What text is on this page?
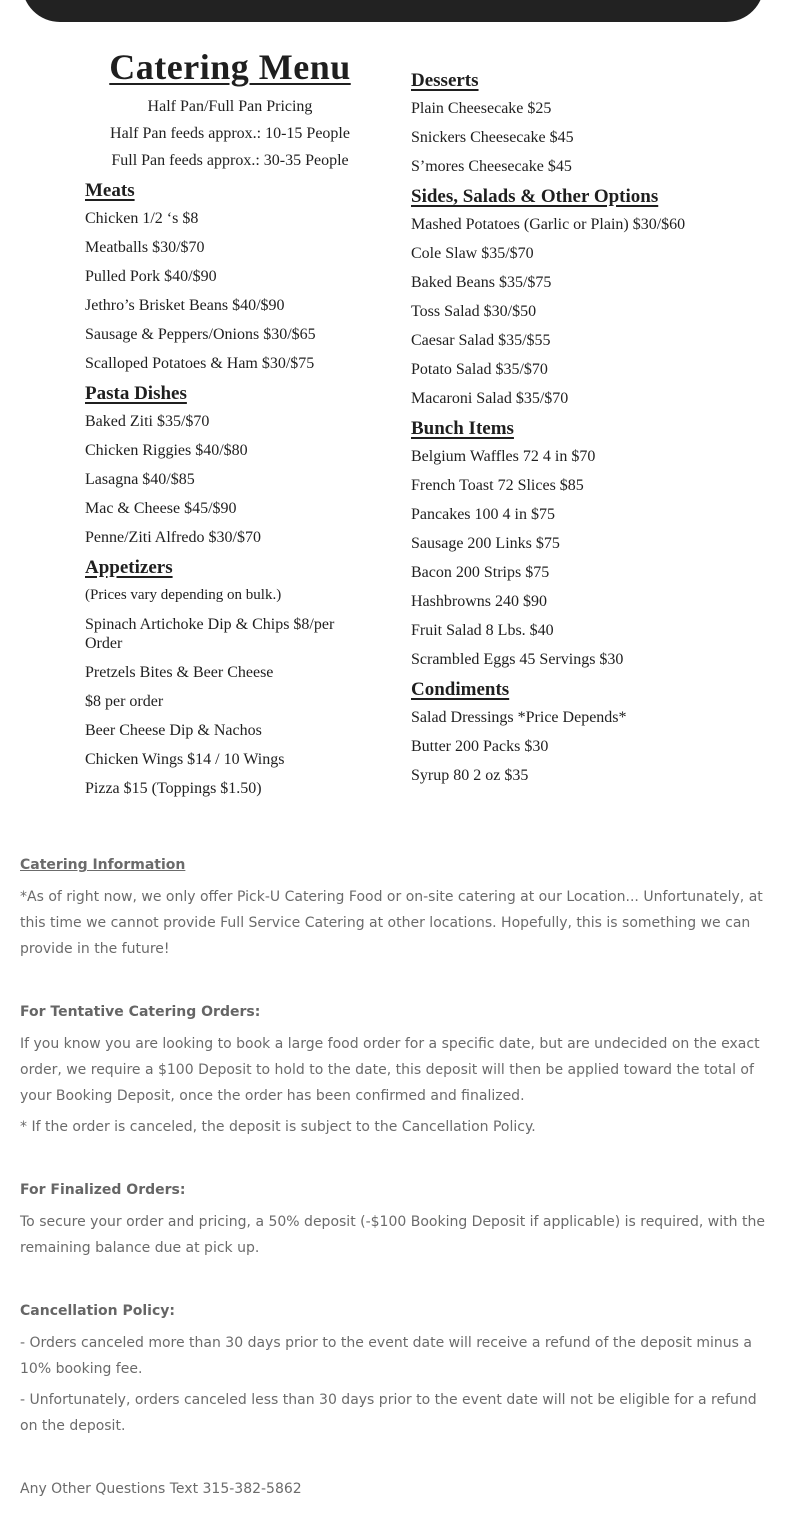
Catering Menu
Half Pan/Full Pan Pricing
Half Pan feeds approx.: 10-15 People
Full Pan feeds approx.: 30-35 People
Meats
Chicken 1/2 ‘s $8
Meatballs $30/$70
Pulled Pork $40/$90
Jethro’s Brisket Beans $40/$90
Sausage & Peppers/Onions $30/$65
Scalloped Potatoes & Ham $30/$75
Pasta Dishes
Baked Ziti $35/$70
Chicken Riggies $40/$80
Lasagna $40/$85
Mac & Cheese $45/$90
Penne/Ziti Alfredo $30/$70
Appetizers
(Prices vary depending on bulk.)
Spinach Artichoke Dip & Chips $8/per Order
Pretzels Bites & Beer Cheese
$8 per order
Beer Cheese Dip & Nachos
Chicken Wings $14 / 10 Wings
Pizza $15 (Toppings $1.50)
Desserts
Plain Cheesecake $25
Snickers Cheesecake $45
S’mores Cheesecake $45
Sides, Salads & Other Options
Mashed Potatoes (Garlic or Plain) $30/$60
Cole Slaw $35/$70
Baked Beans $35/$75
Toss Salad $30/$50
Caesar Salad $35/$55
Potato Salad $35/$70
Macaroni Salad $35/$70
Bunch Items
Belgium Waffles 72 4 in $70
French Toast 72 Slices $85
Pancakes 100 4 in $75
Sausage 200 Links $75
Bacon 200 Strips $75
Hashbrowns 240 $90
Fruit Salad 8 Lbs. $40
Scrambled Eggs 45 Servings $30
Condiments
Salad Dressings *Price Depends*
Butter 200 Packs $30
Syrup 80 2 oz $35

Catering Information

*As of right now, we only offer Pick-U Catering Food or on-site catering at our Location... Unfortunately, at this time we cannot provide Full Service Catering at other locations. Hopefully, this is something we can provide in the future!

For Tentative Catering Orders:

If you know you are looking to book a large food order for a specific date, but are undecided on the exact order, we require a $100 Deposit to hold to the date, this deposit will then be applied toward the total of your Booking Deposit, once the order has been confirmed and finalized.

* If the order is canceled, the deposit is subject to the Cancellation Policy.

For Finalized Orders:

To secure your order and pricing, a 50% deposit (-$100 Booking Deposit if applicable) is required, with the remaining balance due at pick up.

Cancellation Policy:

- Orders canceled more than 30 days prior to the event date will receive a refund of the deposit minus a 10% booking fee.

- Unfortunately, orders canceled less than 30 days prior to the event date will not be eligible for a refund on the deposit.

Any Other Questions Text 315-382-5862
